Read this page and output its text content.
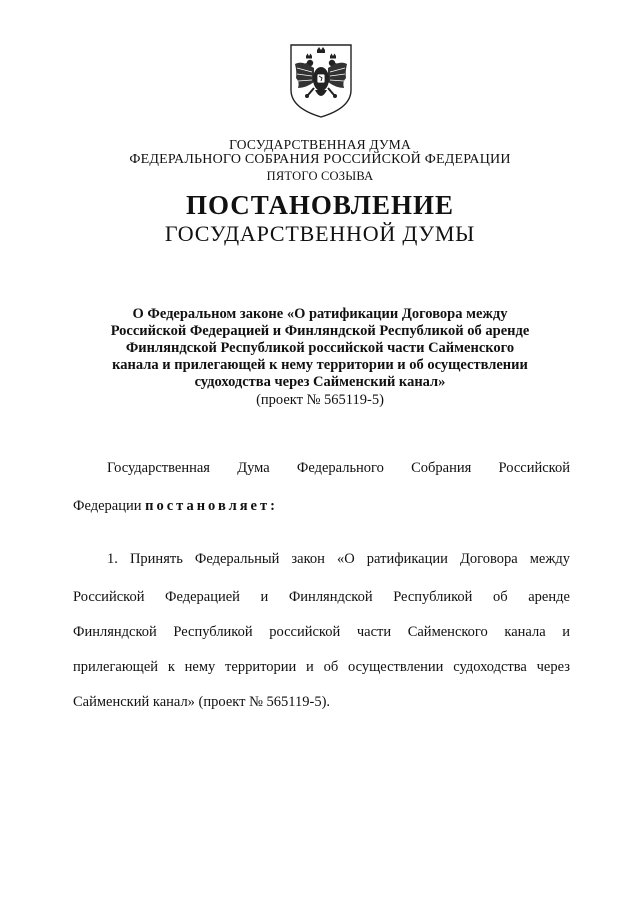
ГОСУДАРСТВЕННАЯ ДУМА
ФЕДЕРАЛЬНОГО СОБРАНИЯ РОССИЙСКОЙ ФЕДЕРАЦИИ
ПЯТОГО СОЗЫВА
ПОСТАНОВЛЕНИЕ
ГОСУДАРСТВЕННОЙ ДУМЫ
О Федеральном законе «О ратификации Договора между
Российской Федерацией и Финляндской Республикой об аренде
Финляндской Республикой российской части Сайменского
канала и прилегающей к нему территории и об осуществлении
судоходства через Сайменский канал»
(проект № 565119-5)
Государственная Дума Федерального Собрания Российской
Федерации постановляет:
1. Принять Федеральный закон «О ратификации Договора между
Российской Федерацией и Финляндской Республикой об аренде
Финляндской Республикой российской части Сайменского канала и
прилегающей к нему территории и об осуществлении судоходства через
Сайменский канал» (проект № 565119-5).
